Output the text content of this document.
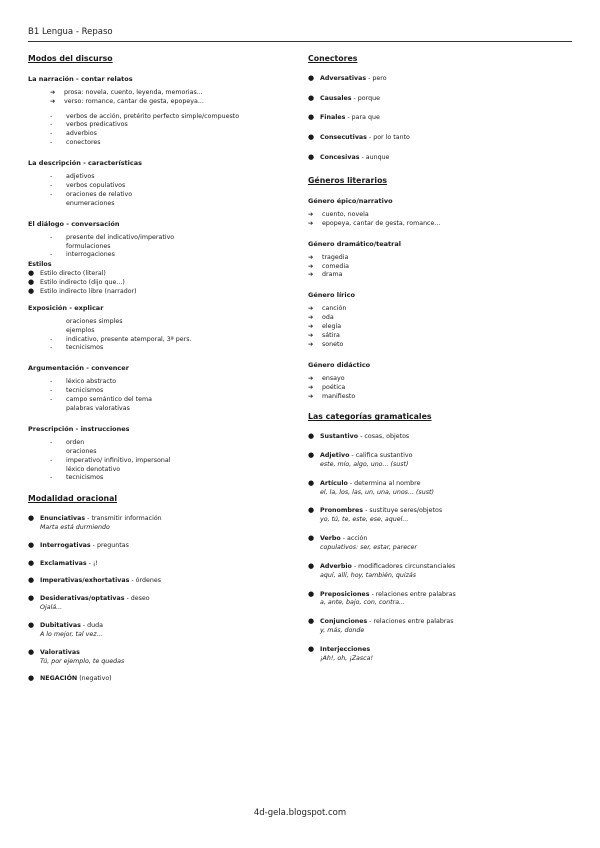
B1 Lengua - Repaso
Modos del discurso
La narración - contar relatos
➔	prosa: novela, cuento, leyenda, memorias...
➔	verso: romance, cantar de gesta, epopeya...
-	verbos de acción, pretérito perfecto simple/compuesto
-	verbos predicativos
-	adverbios
-	conectores
La descripción - características
-	adjetivos
-	verbos copulativos
-	oraciones de relativo
enumeraciones
El diálogo - conversación
-	presente del indicativo/imperativo
formulaciones
-	interrogaciones
Estilos
● Estilo directo (literal)
● Estilo indirecto (dijo que...)
● Estilo indirecto libre (narrador)
Exposición - explicar
oraciones simples
ejemplos
-	indicativo, presente atemporal, 3ª pers.
-	tecnicismos
Argumentación - convencer
-	léxico abstracto
-	tecnicismos
-	campo semántico del tema
palabras valorativas
Prescripción - instrucciones
-	orden
oraciones
-	imperativo/ infinitivo, impersonal
léxico denotativo
-	tecnicismos
Modalidad oracional
● Enunciativas - transmitir información
Marta está durmiendo
● Interrogativas - preguntas
● Exclamativas - ¡!
● Imperativas/exhortativas - órdenes
● Desiderativas/optativas - deseo
Ojalá...
● Dubitativas - duda
A lo mejor, tal vez...
● Valorativas
Tú, por ejemplo, te quedas
● NEGACIÓN (negativo)
Conectores
● Adversativas - pero
● Causales - porque
● Finales - para que
● Consecutivas - por lo tanto
● Concesivas - aunque
Géneros literarios
Género épico/narrativo
➔	cuento, novela
➔	epopeya, cantar de gesta, romance...
Género dramático/teatral
➔	tragedia
➔	comedia
➔	drama
Género lírico
➔	canción
➔	oda
➔	elegía
➔	sátira
➔	soneto
Género didáctico
➔	ensayo
➔	poética
➔	manifiesto
Las categorías gramaticales
● Sustantivo - cosas, objetos
● Adjetivo - califica sustantivo
este, mío, algo, uno... (sust)
● Artículo - determina al nombre
el, la, los, las, un, una, unos... (sust)
● Pronombres - sustituye seres/objetos
yo, tú, te, este, ese, aquel...
● Verbo - acción
copulativos: ser, estar, parecer
● Adverbio - modificadores circunstanciales
aquí, allí, hoy, también, quizás
● Preposiciones - relaciones entre palabras
a, ante, bajo, con, contra...
● Conjunciones - relaciones entre palabras
y, más, donde
● Interjecciones
¡Ah!, oh, ¡Zasca!
4d-gela.blogspot.com
